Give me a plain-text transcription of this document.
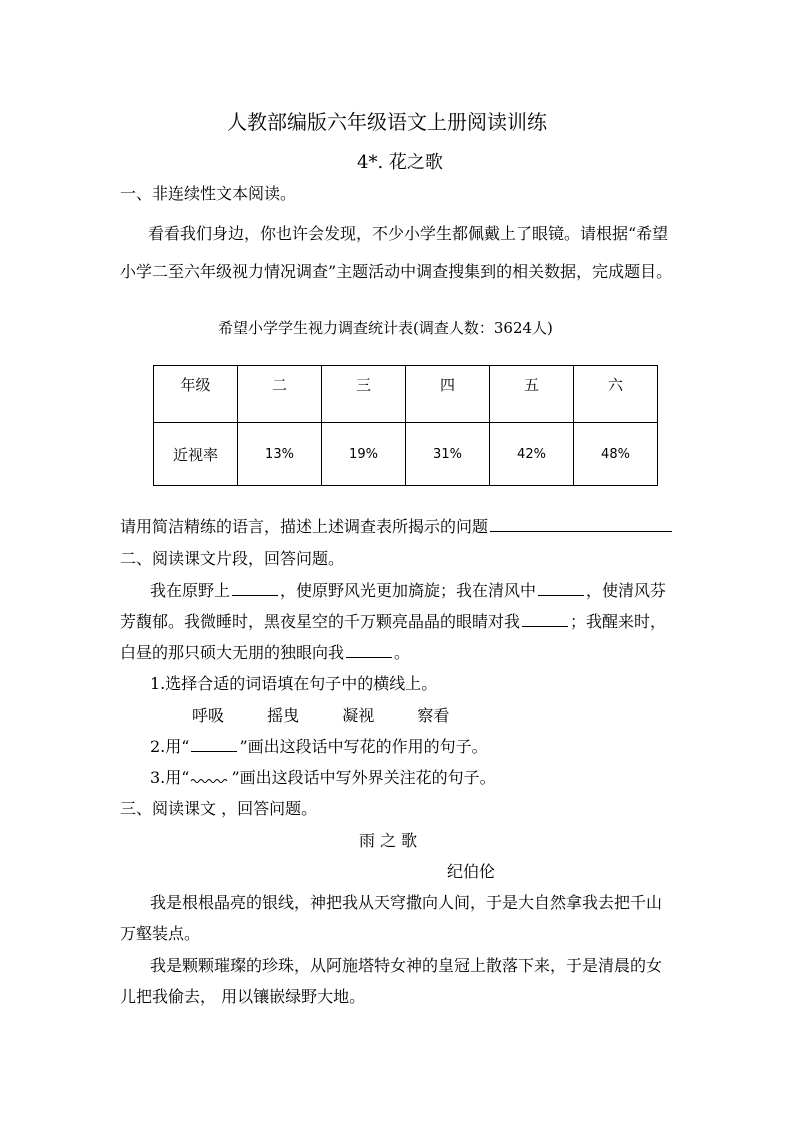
人教部编版六年级语文上册阅读训练
4*. 花之歌
一、非连续性文本阅读。
看看我们身边，你也许会发现，不少小学生都佩戴上了眼镜。请根据“希望
小学二至六年级视力情况调查”主题活动中调查搜集到的相关数据，完成题目。
希望小学学生视力调查统计表(调查人数：3624人)
年级	二	三	四	五	六
近视率	13%	19%	31%	42%	48%
请用简洁精练的语言，描述上述调查表所揭示的问题
二、阅读课文片段，回答问题。
我在原野上	，使原野风光更加旖旋；我在清风中	，使清风芬
芳馥郁。我微睡时，黑夜星空的千万颗亮晶晶的眼睛对我	；我醒来时，
白昼的那只硕大无朋的独眼向我	。
1.选择合适的词语填在句子中的横线上。
呼吸	摇曳	凝视	察看
2.用“	”画出这段话中写花的作用的句子。
3.用“	”画出这段话中写外界关注花的句子。
三、阅读课文 ，回答问题。
雨 之 歌
纪伯伦
我是根根晶亮的银线，神把我从天穹撒向人间，于是大自然拿我去把千山
万壑装点。
我是颗颗璀璨的珍珠，从阿施塔特女神的皇冠上散落下来，于是清晨的女
儿把我偷去， 用以镶嵌绿野大地。
